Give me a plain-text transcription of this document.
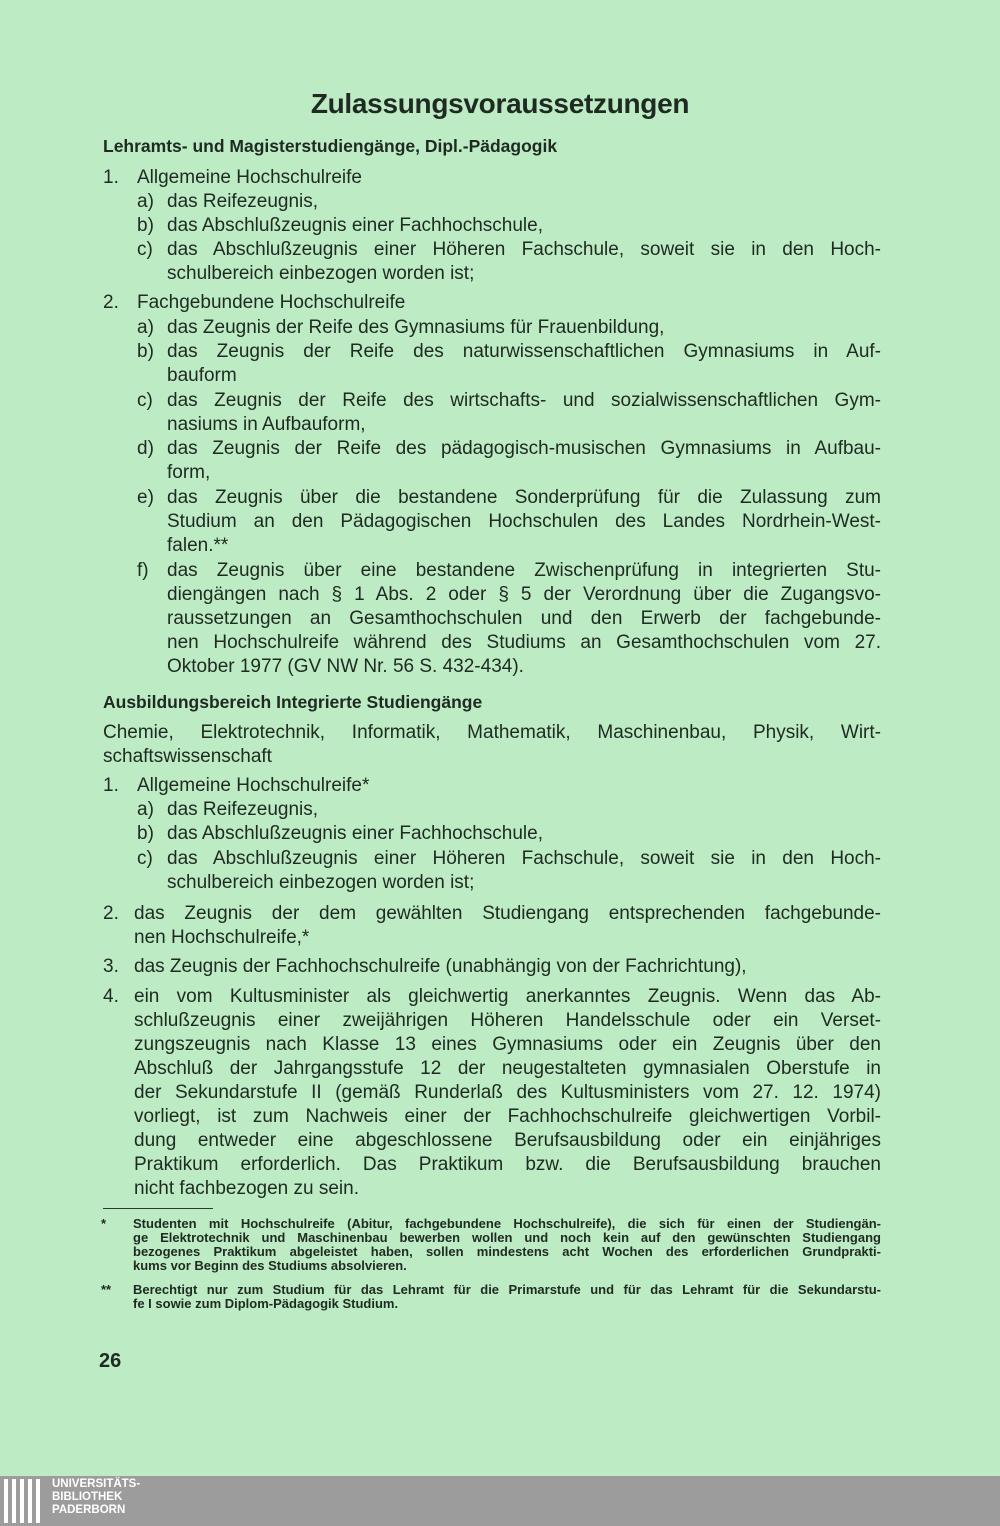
Zulassungsvoraussetzungen
Lehramts- und Magisterstudiengänge, Dipl.-Pädagogik
1. Allgemeine Hochschulreife
a) das Reifezeugnis,
b) das Abschlußzeugnis einer Fachhochschule,
c) das Abschlußzeugnis einer Höheren Fachschule, soweit sie in den Hoch-
schulbereich einbezogen worden ist;
2. Fachgebundene Hochschulreife
a) das Zeugnis der Reife des Gymnasiums für Frauenbildung,
b) das Zeugnis der Reife des naturwissenschaftlichen Gymnasiums in Auf-
bauform
c) das Zeugnis der Reife des wirtschafts- und sozialwissenschaftlichen Gym-
nasiums in Aufbauform,
d) das Zeugnis der Reife des pädagogisch-musischen Gymnasiums in Aufbau-
form,
e) das Zeugnis über die bestandene Sonderprüfung für die Zulassung zum
Studium an den Pädagogischen Hochschulen des Landes Nordrhein-West-
falen.**
f) das Zeugnis über eine bestandene Zwischenprüfung in integrierten Stu-
diengängen nach § 1 Abs. 2 oder § 5 der Verordnung über die Zugangsvo-
raussetzungen an Gesamthochschulen und den Erwerb der fachgebunde-
nen Hochschulreife während des Studiums an Gesamthochschulen vom 27.
Oktober 1977 (GV NW Nr. 56 S. 432-434).
Ausbildungsbereich Integrierte Studiengänge
Chemie, Elektrotechnik, Informatik, Mathematik, Maschinenbau, Physik, Wirt-
schaftswissenschaft
1. Allgemeine Hochschulreife*
a) das Reifezeugnis,
b) das Abschlußzeugnis einer Fachhochschule,
c) das Abschlußzeugnis einer Höheren Fachschule, soweit sie in den Hoch-
schulbereich einbezogen worden ist;
2. das Zeugnis der dem gewählten Studiengang entsprechenden fachgebunde-
nen Hochschulreife,*
3. das Zeugnis der Fachhochschulreife (unabhängig von der Fachrichtung),
4. ein vom Kultusminister als gleichwertig anerkanntes Zeugnis. Wenn das Ab-
schlußzeugnis einer zweijährigen Höheren Handelsschule oder ein Verset-
zungszeugnis nach Klasse 13 eines Gymnasiums oder ein Zeugnis über den
Abschluß der Jahrgangsstufe 12 der neugestalteten gymnasialen Oberstufe in
der Sekundarstufe II (gemäß Runderlaß des Kultusministers vom 27. 12. 1974)
vorliegt, ist zum Nachweis einer der Fachhochschulreife gleichwertigen Vorbil-
dung entweder eine abgeschlossene Berufsausbildung oder ein einjähriges
Praktikum erforderlich. Das Praktikum bzw. die Berufsausbildung brauchen
nicht fachbezogen zu sein.
* Studenten mit Hochschulreife (Abitur, fachgebundene Hochschulreife), die sich für einen der Studiengän-
ge Elektrotechnik und Maschinenbau bewerben wollen und noch kein auf den gewünschten Studiengang
bezogenes Praktikum abgeleistet haben, sollen mindestens acht Wochen des erforderlichen Grundprakti-
kums vor Beginn des Studiums absolvieren.
** Berechtigt nur zum Studium für das Lehramt für die Primarstufe und für das Lehramt für die Sekundarstu-
fe I sowie zum Diplom-Pädagogik Studium.
26
UNIVERSITÄTS-
BIBLIOTHEK
PADERBORN
